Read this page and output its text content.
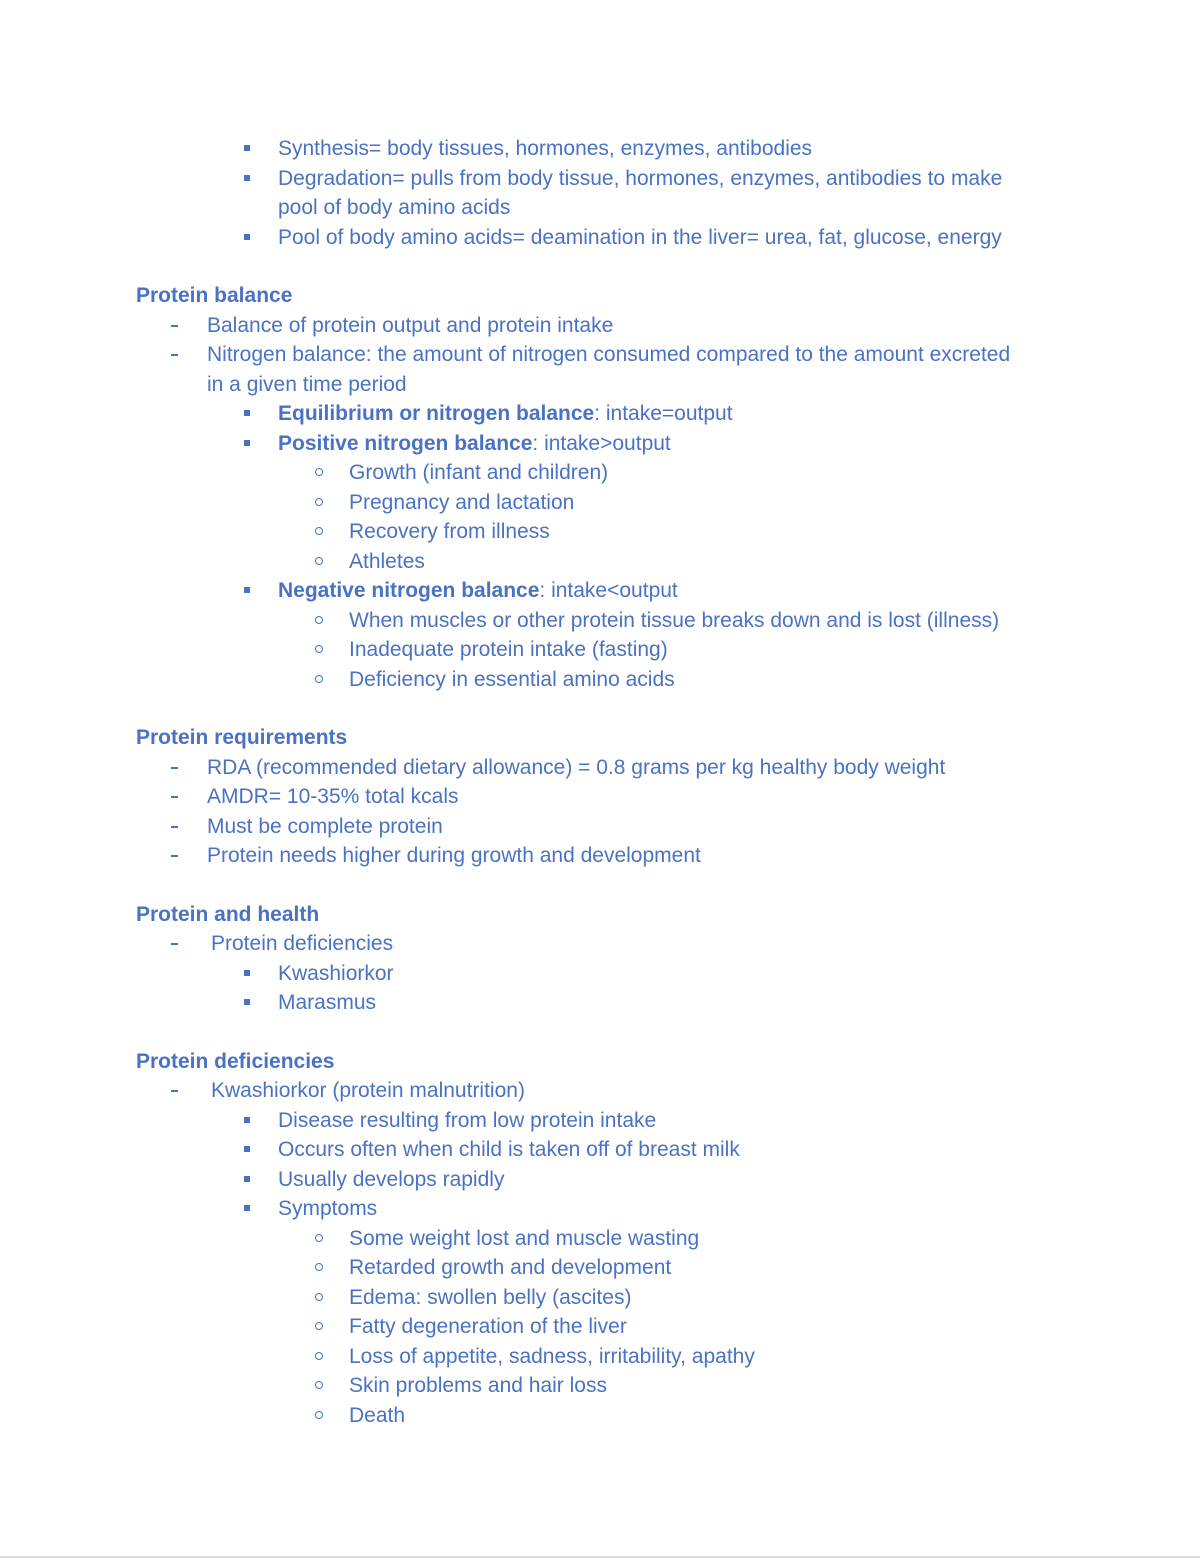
Synthesis= body tissues, hormones, enzymes, antibodies
Degradation= pulls from body tissue, hormones, enzymes, antibodies to make
pool of body amino acids
Pool of body amino acids= deamination in the liver= urea, fat, glucose, energy
Protein balance
Balance of protein output and protein intake
Nitrogen balance: the amount of nitrogen consumed compared to the amount excreted
in a given time period
Equilibrium or nitrogen balance: intake=output
Positive nitrogen balance: intake>output
Growth (infant and children)
Pregnancy and lactation
Recovery from illness
Athletes
Negative nitrogen balance: intake<output
When muscles or other protein tissue breaks down and is lost (illness)
Inadequate protein intake (fasting)
Deficiency in essential amino acids
Protein requirements
RDA (recommended dietary allowance) = 0.8 grams per kg healthy body weight
AMDR= 10-35% total kcals
Must be complete protein
Protein needs higher during growth and development
Protein and health
Protein deficiencies
Kwashiorkor
Marasmus
Protein deficiencies
Kwashiorkor (protein malnutrition)
Disease resulting from low protein intake
Occurs often when child is taken off of breast milk
Usually develops rapidly
Symptoms
Some weight lost and muscle wasting
Retarded growth and development
Edema: swollen belly (ascites)
Fatty degeneration of the liver
Loss of appetite, sadness, irritability, apathy
Skin problems and hair loss
Death
